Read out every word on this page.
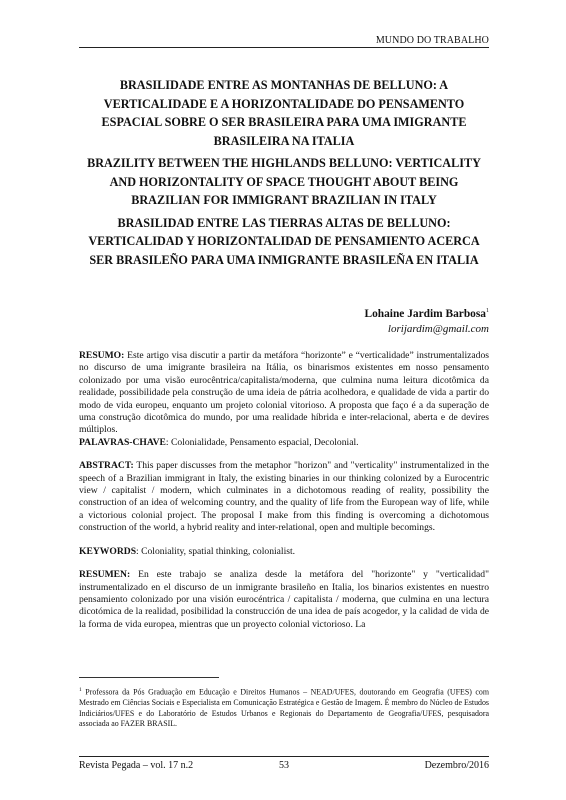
MUNDO DO TRABALHO

BRASILIDADE ENTRE AS MONTANHAS DE BELLUNO: A VERTICALIDADE E A HORIZONTALIDADE DO PENSAMENTO ESPACIAL SOBRE O SER BRASILEIRA PARA UMA IMIGRANTE BRASILEIRA NA ITALIA

BRAZILITY BETWEEN THE HIGHLANDS BELLUNO: VERTICALITY AND HORIZONTALITY OF SPACE THOUGHT ABOUT BEING BRAZILIAN FOR IMMIGRANT BRAZILIAN IN ITALY

BRASILIDAD ENTRE LAS TIERRAS ALTAS DE BELLUNO: VERTICALIDAD Y HORIZONTALIDAD DE PENSAMIENTO ACERCA SER BRASILEÑO PARA UMA INMIGRANTE BRASILEÑA EN ITALIA

Lohaine Jardim Barbosa$^1$
lorijardim@gmail.com

RESUMO: Este artigo visa discutir a partir da metáfora “horizonte” e “verticalidade” instrumentalizados no discurso de uma imigrante brasileira na Itália, os binarismos existentes em nosso pensamento colonizado por uma visão eurocêntrica/capitalista/moderna, que culmina numa leitura dicotômica da realidade, possibilidade pela construção de uma ideia de pátria acolhedora, e qualidade de vida a partir do modo de vida europeu, enquanto um projeto colonial vitorioso. A proposta que faço é a da superação de uma construção dicotômica do mundo, por uma realidade híbrida e inter-relacional, aberta e de devires múltiplos.

PALAVRAS-CHAVE: Colonialidade, Pensamento espacial, Decolonial.

ABSTRACT: This paper discusses from the metaphor "horizon" and "verticality" instrumentalized in the speech of a Brazilian immigrant in Italy, the existing binaries in our thinking colonized by a Eurocentric view / capitalist / modern, which culminates in a dichotomous reading of reality, possibility the construction of an idea of welcoming country, and the quality of life from the European way of life, while a victorious colonial project. The proposal I make from this finding is overcoming a dichotomous construction of the world, a hybrid reality and inter-relational, open and multiple becomings.

KEYWORDS: Coloniality, spatial thinking, colonialist.

RESUMEN: En este trabajo se analiza desde la metáfora del "horizonte" y "verticalidad" instrumentalizado en el discurso de un inmigrante brasileño en Italia, los binarios existentes en nuestro pensamiento colonizado por una visión eurocéntrica / capitalista / moderna, que culmina en una lectura dicotómica de la realidad, posibilidad la construcción de una idea de país acogedor, y la calidad de vida de la forma de vida europea, mientras que un proyecto colonial victorioso. La

$^1$ Professora da Pós Graduação em Educação e Direitos Humanos – NEAD/UFES, doutorando em Geografia (UFES) com Mestrado em Ciências Sociais e Especialista em Comunicação Estratégica e Gestão de Imagem. É membro do Núcleo de Estudos Indiciários/UFES e do Laboratório de Estudos Urbanos e Regionais do Departamento de Geografia/UFES, pesquisadora associada ao FAZER BRASIL.
Revista Pegada – vol. 17 n.2	53	Dezembro/2016
